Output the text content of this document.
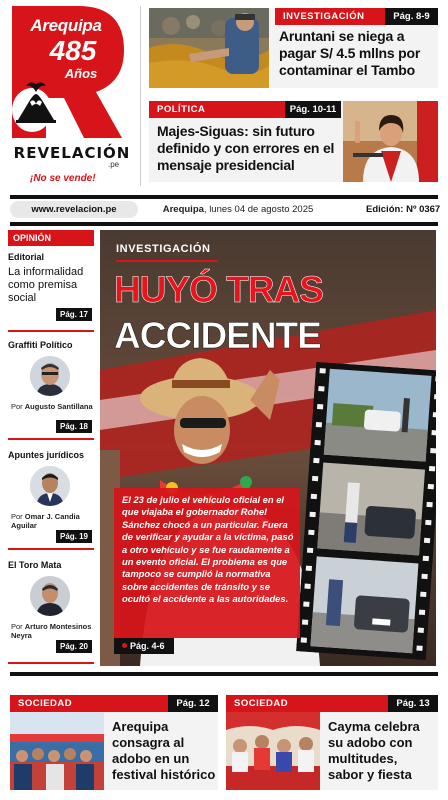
Arequipa
485
Años
REVELACIÓN
.pe
¡No se vende!
INVESTIGACIÓN	Pág. 8-9
Aruntani se niega a pagar S/ 4.5 mllns por contaminar el Tambo
POLÍTICA	Pág. 10-11
Majes-Siguas: sin futuro definido y con errores en el mensaje presidencial
www.revelacion.pe	Arequipa, lunes 04 de agosto 2025	Edición: Nº 0367
OPINIÓN
Editorial
La informalidad como premisa social
Pág. 17
Graffiti Político
Por Augusto Santillana
Pág. 18
Apuntes jurídicos
Por Omar J. Candia Aguilar
Pág. 19
El Toro Mata
Por Arturo Montesinos Neyra
Pág. 20
INVESTIGACIÓN
HUYÓ TRAS
ACCIDENTE
El 23 de julio el vehículo oficial en el que viajaba el gobernador Rohel Sánchez chocó a un particular. Fuera de verificar y ayudar a la víctima, pasó a otro vehículo y se fue raudamente a un evento oficial. El problema es que tampoco se cumplió la normativa sobre accidentes de tránsito y se ocultó el accidente a las autoridades.
Pág. 4-6
SOCIEDAD	Pág. 12
Arequipa consagra al adobo en un festival histórico
SOCIEDAD	Pág. 13
Cayma celebra su adobo con multitudes, sabor y fiesta
